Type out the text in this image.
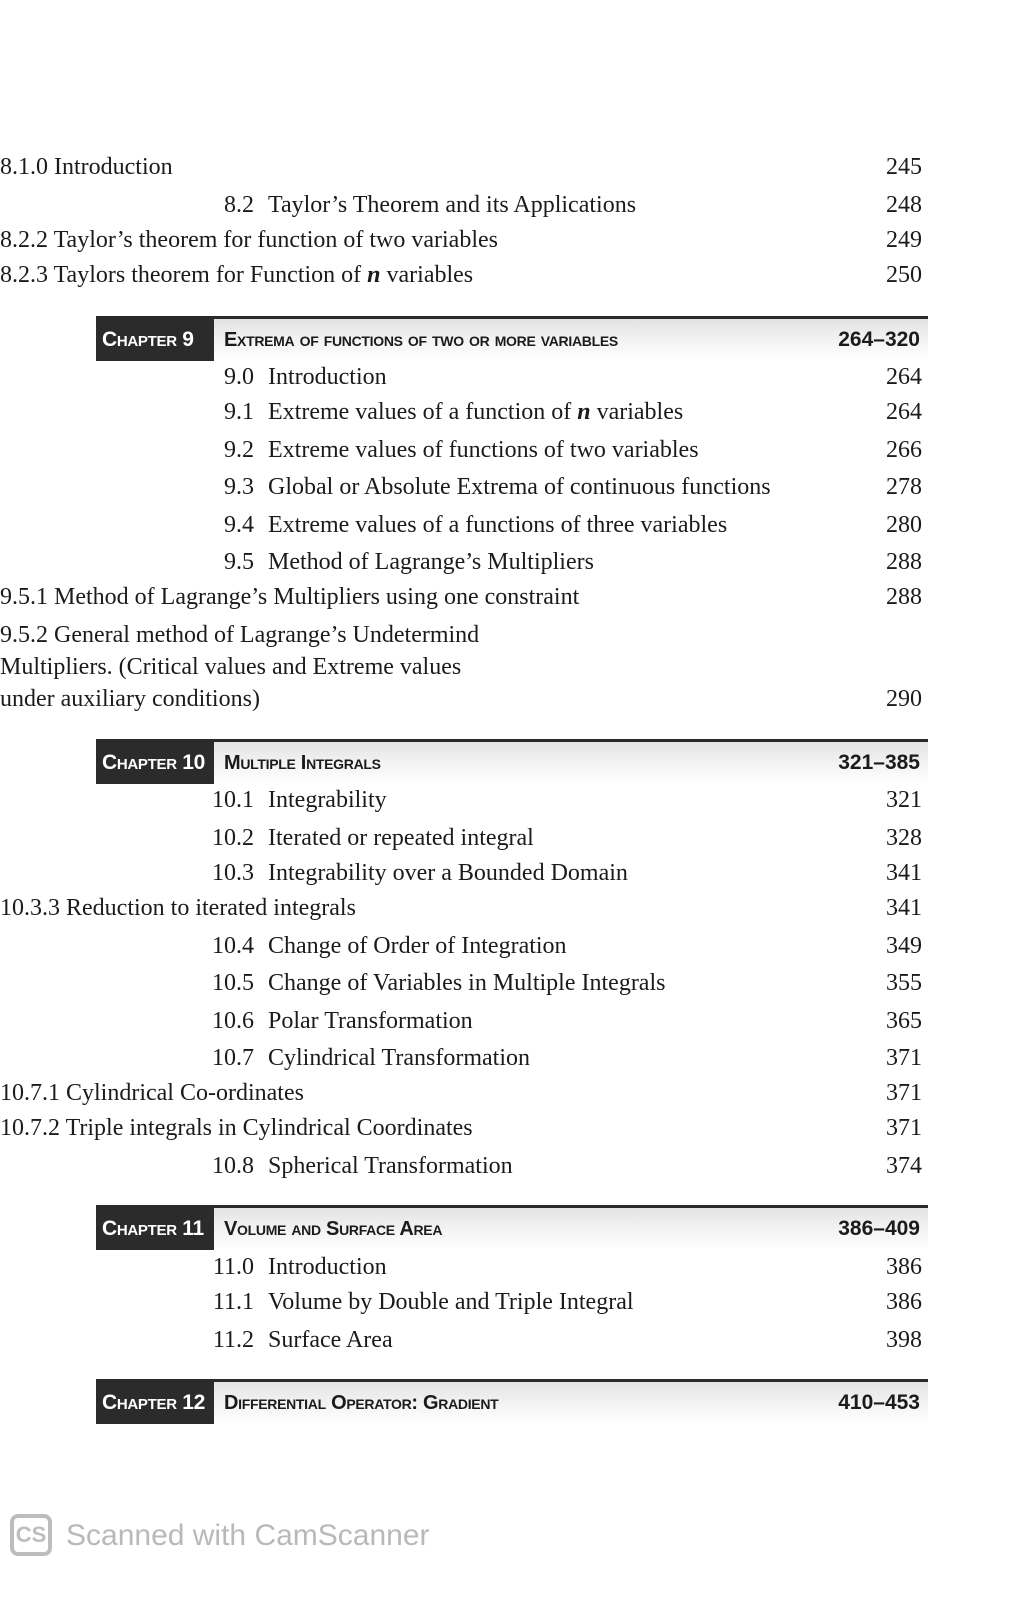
8.1.0 Introduction	245
8.2 Taylor’s Theorem and its Applications	248
8.2.2 Taylor’s theorem for function of two variables	249
8.2.3 Taylors theorem for Function of n variables	250
Chapter 9	Extrema of functions of two or more variables	264–320
9.0 Introduction	264
9.1 Extreme values of a function of n variables	264
9.2 Extreme values of functions of two variables	266
9.3 Global or Absolute Extrema of continuous functions	278
9.4 Extreme values of a functions of three variables	280
9.5 Method of Lagrange’s Multipliers	288
9.5.1 Method of Lagrange’s Multipliers using one constraint	288
9.5.2 General method of Lagrange’s Undetermind
Multipliers. (Critical values and Extreme values
under auxiliary conditions)	290
Chapter 10 Multiple Integrals	321–385
10.1 Integrability	321
10.2 Iterated or repeated integral	328
10.3 Integrability over a Bounded Domain	341
10.3.3 Reduction to iterated integrals	341
10.4 Change of Order of Integration	349
10.5 Change of Variables in Multiple Integrals	355
10.6 Polar Transformation	365
10.7 Cylindrical Transformation	371
10.7.1 Cylindrical Co-ordinates	371
10.7.2 Triple integrals in Cylindrical Coordinates	371
10.8 Spherical Transformation	374
Chapter 11	Volume and Surface Area	386–409
11.0 Introduction	386
11.1 Volume by Double and Triple Integral	386
11.2 Surface Area	398
Chapter 12 Differential Operator: Gradient	410–453
CS Scanned with CamScanner
